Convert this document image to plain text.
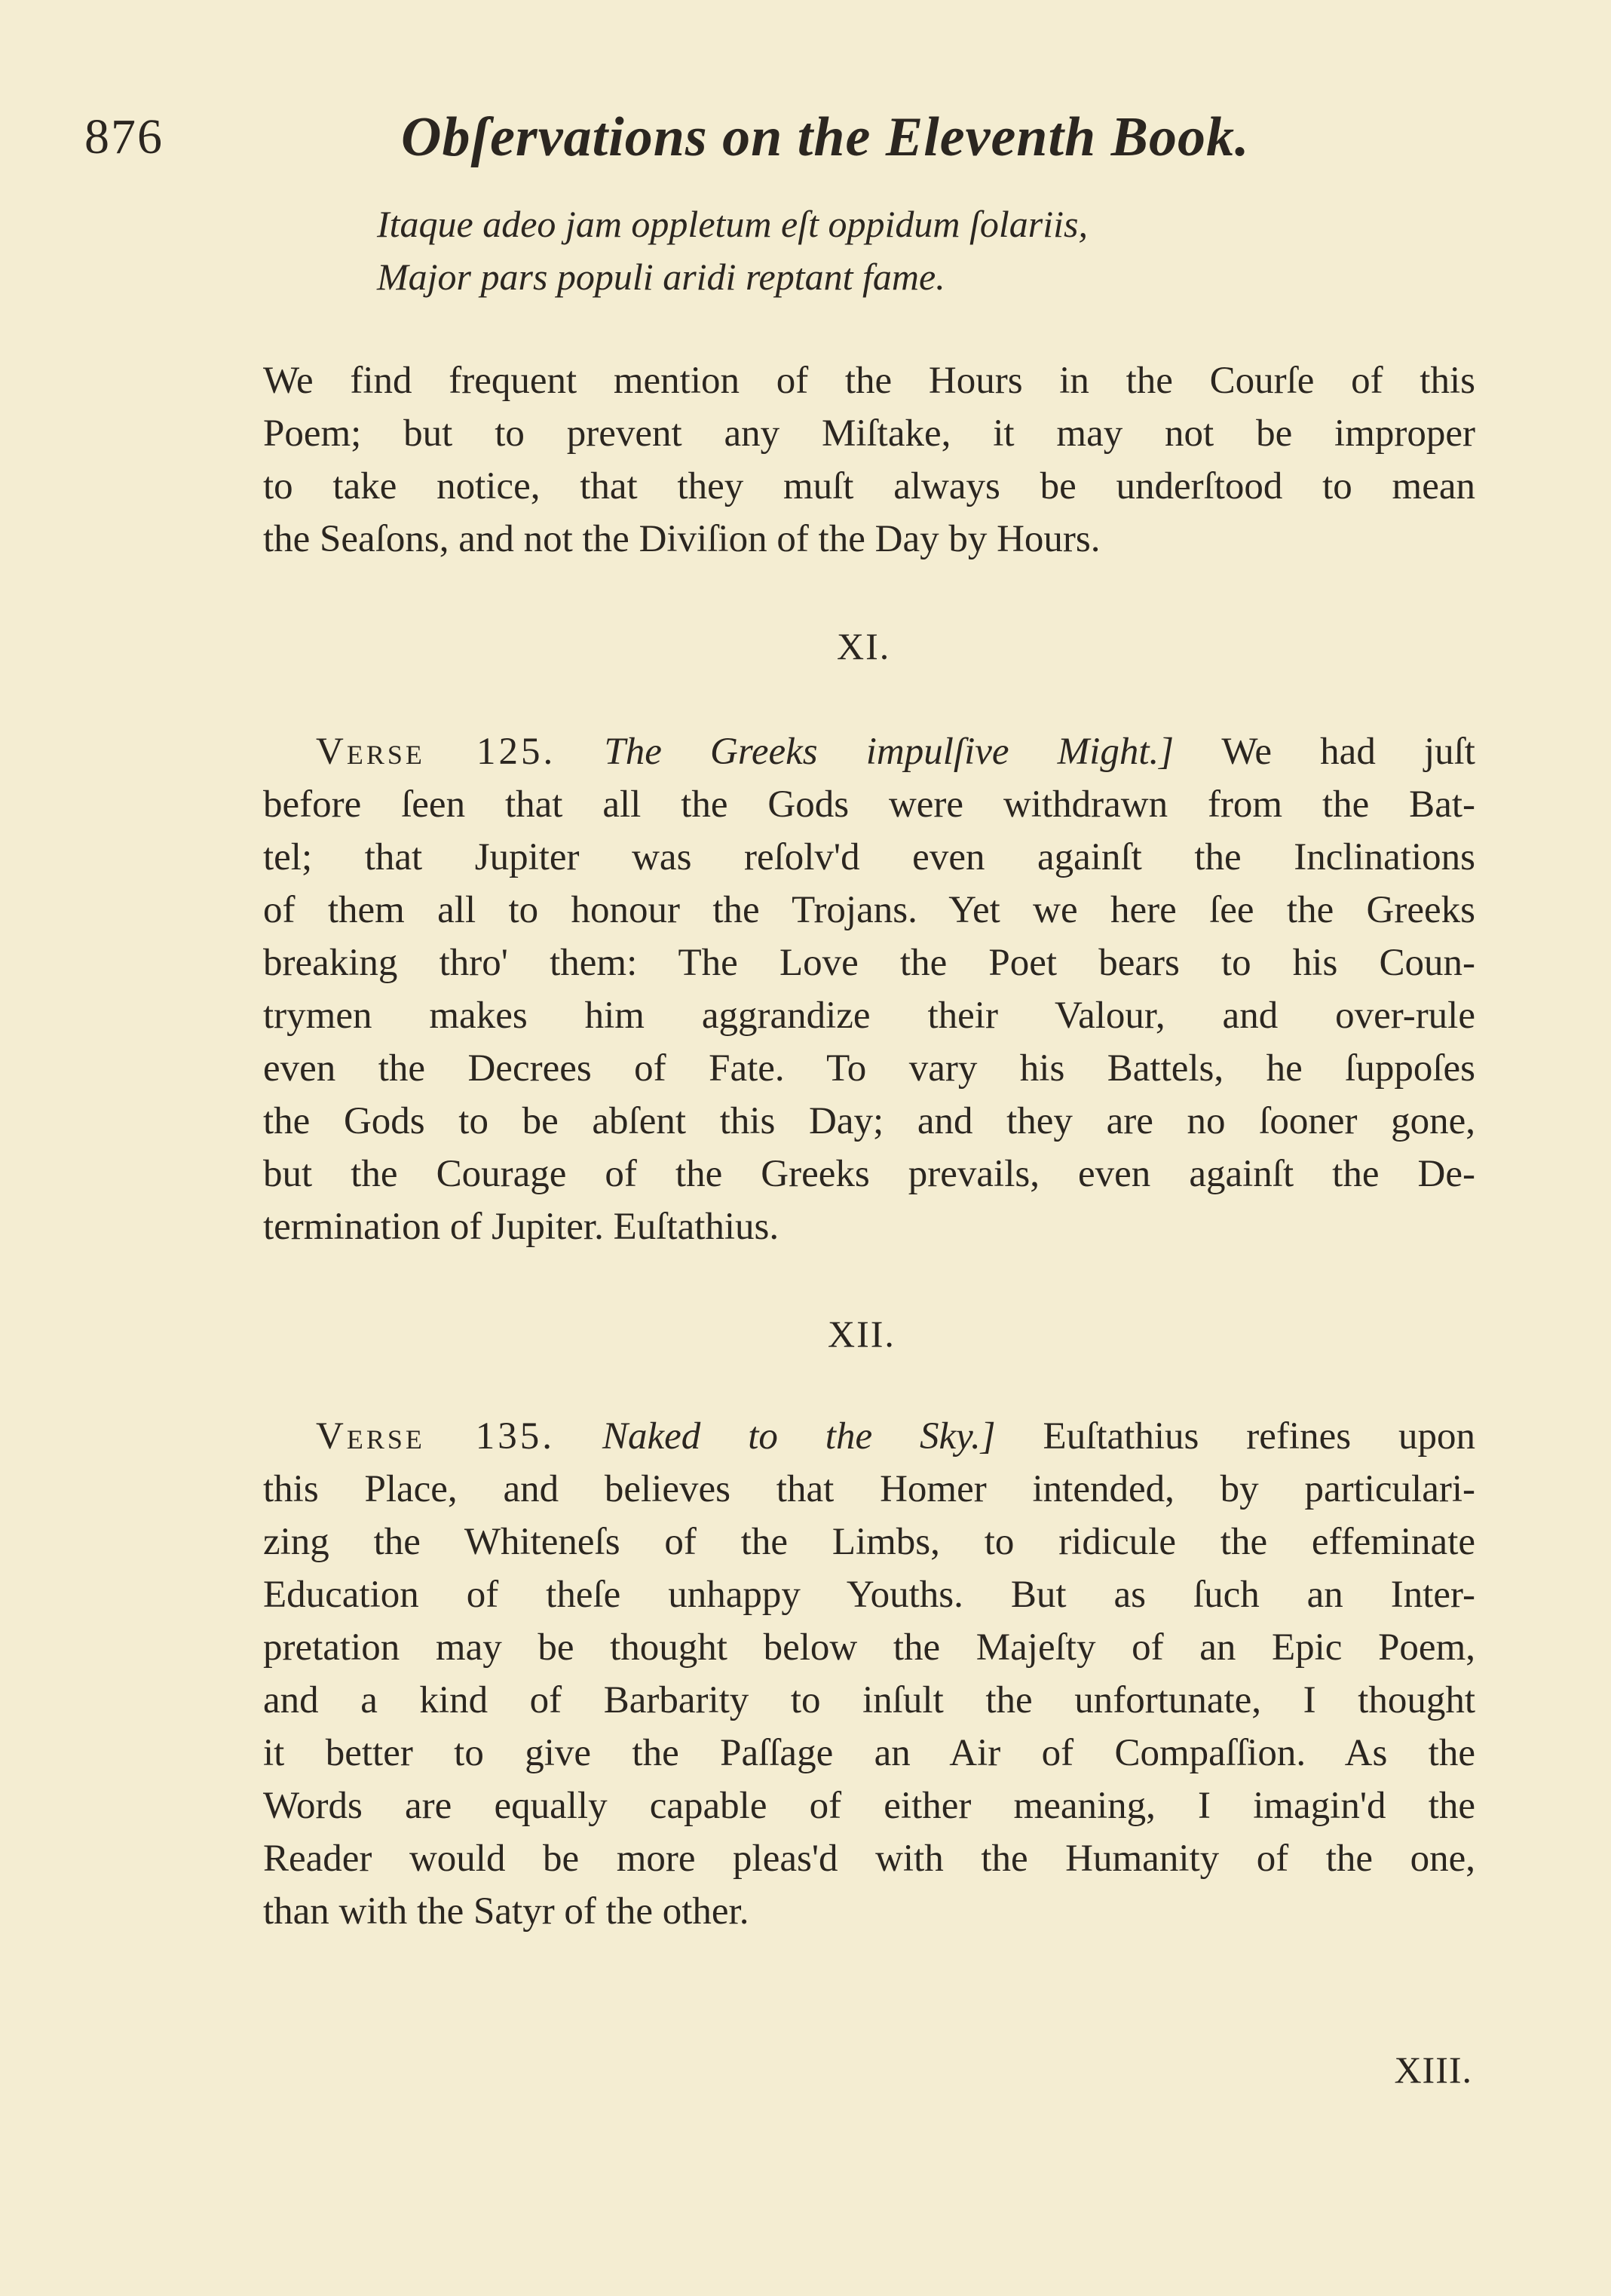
876	Obſervations on the Eleventh Book.
Itaque adeo jam oppletum eſt oppidum ſolariis,
Major pars populi aridi reptant fame.
We find frequent mention of the Hours in the Courſe of this
Poem; but to prevent any Miſtake, it may not be improper
to take notice, that they muſt always be underſtood to mean
the Seaſons, and not the Diviſion of the Day by Hours.
XI.
Verse 125. The Greeks impulſive Might.] We had juſt
before ſeen that all the Gods were withdrawn from the Bat-
tel; that Jupiter was reſolv'd even againſt the Inclinations
of them all to honour the Trojans. Yet we here ſee the Greeks
breaking thro' them: The Love the Poet bears to his Coun-
trymen makes him aggrandize their Valour, and over-rule
even the Decrees of Fate. To vary his Battels, he ſuppoſes
the Gods to be abſent this Day; and they are no ſooner gone,
but the Courage of the Greeks prevails, even againſt the De-
termination of Jupiter. Euſtathius.
XII.
Verse 135. Naked to the Sky.] Euſtathius refines upon
this Place, and believes that Homer intended, by particulari-
zing the Whiteneſs of the Limbs, to ridicule the effeminate
Education of theſe unhappy Youths. But as ſuch an Inter-
pretation may be thought below the Majeſty of an Epic Poem,
and a kind of Barbarity to inſult the unfortunate, I thought
it better to give the Paſſage an Air of Compaſſion. As the
Words are equally capable of either meaning, I imagin'd the
Reader would be more pleas'd with the Humanity of the one,
than with the Satyr of the other.
XIII.
